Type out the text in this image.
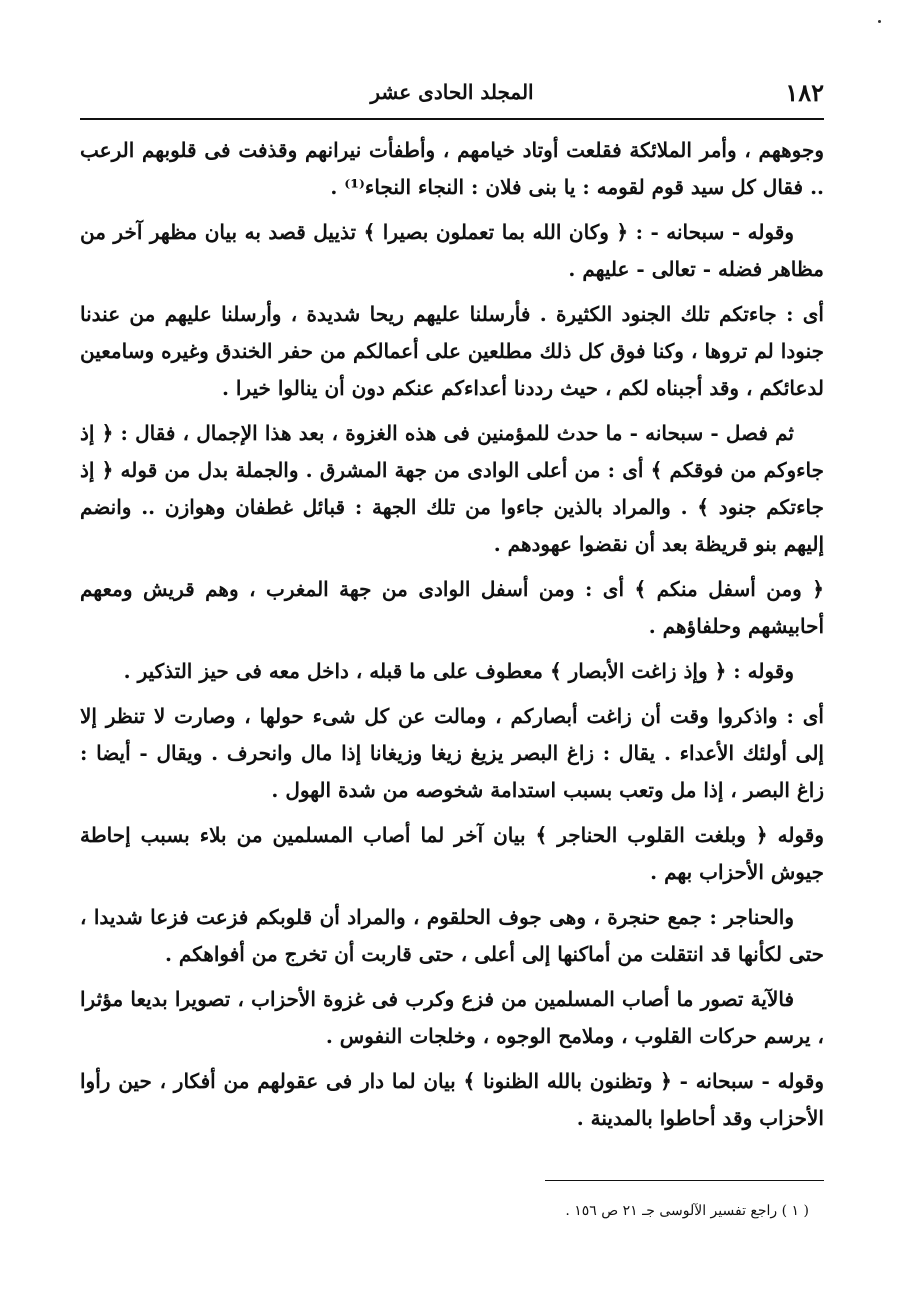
١٨٢
المجلد الحادى عشر

وجوههم ، وأمر الملائكة فقلعت أوتاد خيامهم ، وأطفأت نيرانهم وقذفت فى قلوبهم الرعب .. فقال كل سيد قوم لقومه : يا بنى فلان : النجاء النجاء⁽¹⁾ .

وقوله - سبحانه - : ﴿ وكان الله بما تعملون بصيرا ﴾ تذييل قصد به بيان مظهر آخر من مظاهر فضله - تعالى - عليهم .

أى : جاءتكم تلك الجنود الكثيرة . فأرسلنا عليهم ريحا شديدة ، وأرسلنا عليهم من عندنا جنودا لم تروها ، وكنا فوق كل ذلك مطلعين على أعمالكم من حفر الخندق وغيره وسامعين لدعائكم ، وقد أجبناه لكم ، حيث رددنا أعداءكم عنكم دون أن ينالوا خيرا .

ثم فصل - سبحانه - ما حدث للمؤمنين فى هذه الغزوة ، بعد هذا الإجمال ، فقال : ﴿ إذ جاءوكم من فوقكم ﴾ أى : من أعلى الوادى من جهة المشرق . والجملة بدل من قوله ﴿ إذ جاءتكم جنود ﴾ . والمراد بالذين جاءوا من تلك الجهة : قبائل غطفان وهوازن .. وانضم إليهم بنو قريظة بعد أن نقضوا عهودهم .

﴿ ومن أسفل منكم ﴾ أى : ومن أسفل الوادى من جهة المغرب ، وهم قريش ومعهم أحابيشهم وحلفاؤهم .

وقوله : ﴿ وإذ زاغت الأبصار ﴾ معطوف على ما قبله ، داخل معه فى حيز التذكير .

أى : واذكروا وقت أن زاغت أبصاركم ، ومالت عن كل شىء حولها ، وصارت لا تنظر إلا إلى أولئك الأعداء . يقال : زاغ البصر يزيغ زيغا وزيغانا إذا مال وانحرف . ويقال - أيضا : زاغ البصر ، إذا مل وتعب بسبب استدامة شخوصه من شدة الهول .

وقوله ﴿ وبلغت القلوب الحناجر ﴾ بيان آخر لما أصاب المسلمين من بلاء بسبب إحاطة جيوش الأحزاب بهم .

والحناجر : جمع حنجرة ، وهى جوف الحلقوم ، والمراد أن قلوبكم فزعت فزعا شديدا ، حتى لكأنها قد انتقلت من أماكنها إلى أعلى ، حتى قاربت أن تخرج من أفواهكم .

فالآية تصور ما أصاب المسلمين من فزع وكرب فى غزوة الأحزاب ، تصويرا بديعا مؤثرا ، يرسم حركات القلوب ، وملامح الوجوه ، وخلجات النفوس .

وقوله - سبحانه - ﴿ وتظنون بالله الظنونا ﴾ بيان لما دار فى عقولهم من أفكار ، حين رأوا الأحزاب وقد أحاطوا بالمدينة .

( ١ ) راجع تفسير الآلوسى جـ ٢١ ص ١٥٦ .
